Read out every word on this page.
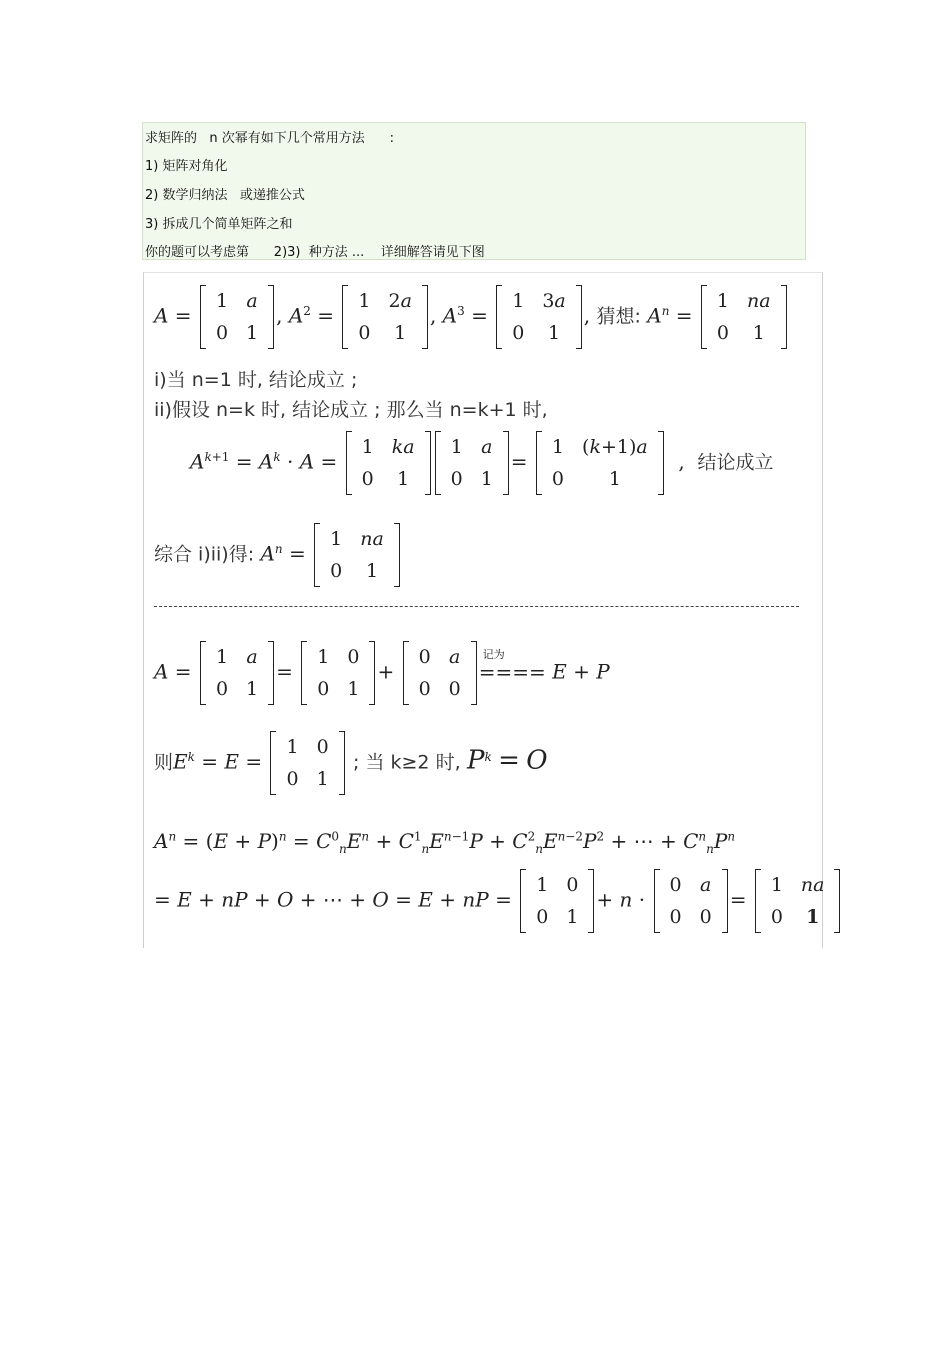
求矩阵的   n 次幂有如下几个常用方法      :
1) 矩阵对角化
2) 数学归纳法   或递推公式
3) 拆成几个简单矩阵之和
你的题可以考虑第      2)3)  种方法 ...    详细解答请见下图
A =
1	a
0	1
, $A^2$ =
1	2a
0	1
, $A^3$ =
1	3a
0	1
, 猜想: $A^n$ =
1	na
0	1
i)当 n=1 时, 结论成立 ;
ii)假设 n=k 时, 结论成立 ; 那么当 n=k+1 时,
$A^{k+1} = A^k \cdot A$ =
1	ka
0	1
1	a
0	1
=
1	(k+1)a
0	1
,  结论成立
综合 i)ii)得: $A^n$ =
1	na
0	1
A =
1	a
0	1
=
1	0
0	1
+
0	a
0	0
记为
==== E + P
则$E^k = E$ =
1	0
0	1
; 当 k≥2 时, $P^k = O$
$A^n = (E + P)^n = C^0_nE^n + C^1_nE^{n-1}P + C^2_nE^{n-2}P^2$ + ⋯ + $C^n_nP^n$
= E + nP + O + ⋯ + O = E + nP =
1	0
0	1
+ n ·
0	a
0	0
=
1	na
0	1
